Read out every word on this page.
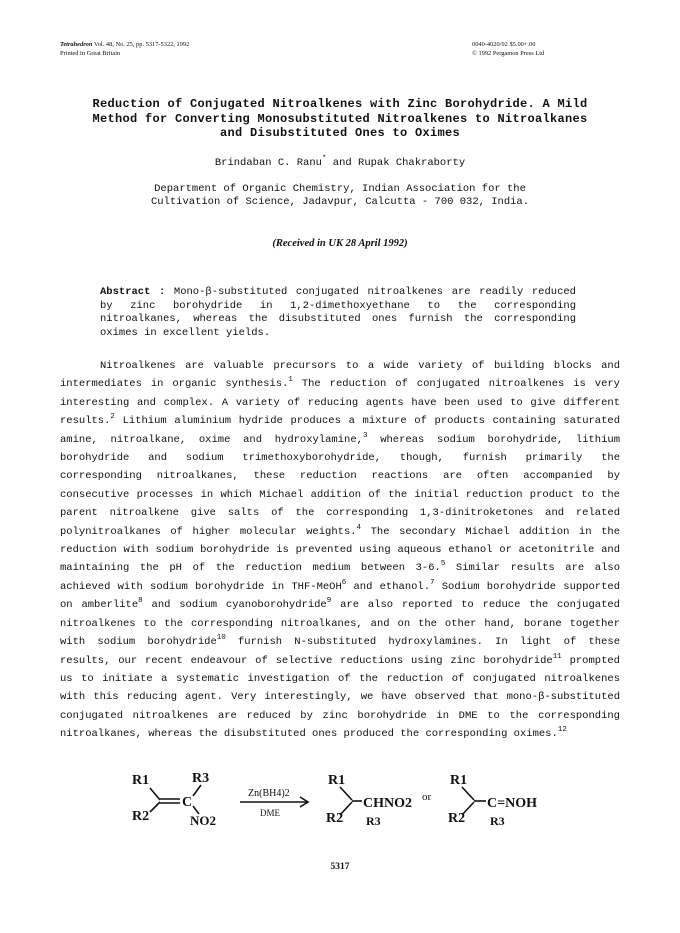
Tetrahedron Vol. 48, No. 25, pp. 5317-5322, 1992
Printed in Great Britain
0040-4020/92 $5.00+.00
© 1992 Pergamon Press Ltd
Reduction of Conjugated Nitroalkenes with Zinc Borohydride. A Mild
Method for Converting Monosubstituted Nitroalkenes to Nitroalkanes
and Disubstituted Ones to Oximes
Brindaban C. Ranu* and Rupak Chakraborty
Department of Organic Chemistry, Indian Association for the
Cultivation of Science, Jadavpur, Calcutta - 700 032, India.
(Received in UK 28 April 1992)
Abstract : Mono-β-substituted conjugated nitroalkenes are readily reduced by zinc borohydride in 1,2-dimethoxyethane to the corresponding nitroalkanes, whereas the disubstituted ones furnish the corresponding oximes in excellent yields.
Nitroalkenes are valuable precursors to a wide variety of building blocks and intermediates in organic synthesis.$^1$ The reduction of conjugated nitroalkenes is very interesting and complex. A variety of reducing agents have been used to give different results.$^2$ Lithium aluminium hydride produces a mixture of products containing saturated amine, nitroalkane, oxime and hydroxylamine,$^3$ whereas sodium borohydride, lithium borohydride and sodium trimethoxyborohydride, though, furnish primarily the corresponding nitroalkanes, these reduction reactions are often accompanied by consecutive processes in which Michael addition of the initial reduction product to the parent nitroalkene give salts of the corresponding 1,3-dinitroketones and related polynitroalkanes of higher molecular weights.$^4$ The secondary Michael addition in the reduction with sodium borohydride is prevented using aqueous ethanol or acetonitrile and maintaining the pH of the reduction medium between 3-6.$^5$ Similar results are also achieved with sodium borohydride in THF-MeOH$^6$ and ethanol.$^7$ Sodium borohydride supported on amberlite$^8$ and sodium cyanoborohydride$^9$ are also reported to reduce the conjugated nitroalkenes to the corresponding nitroalkanes, and on the other hand, borane together with sodium borohydride$^{10}$ furnish N-substituted hydroxylamines. In light of these results, our recent endeavour of selective reductions using zinc borohydride$^{11}$ prompted us to initiate a systematic investigation of the reduction of conjugated nitroalkenes with this reducing agent. Very interestingly, we have observed that mono-β-substituted conjugated nitroalkenes are reduced by zinc borohydride in DME to the corresponding nitroalkanes, whereas the disubstituted ones produced the corresponding oximes.$^{12}$
R1
R2
R3
C
NO2
Zn(BH4)2
DME
R1
R2
CHNO2
R3
or
R1
R2
C=NOH
R3
5317
